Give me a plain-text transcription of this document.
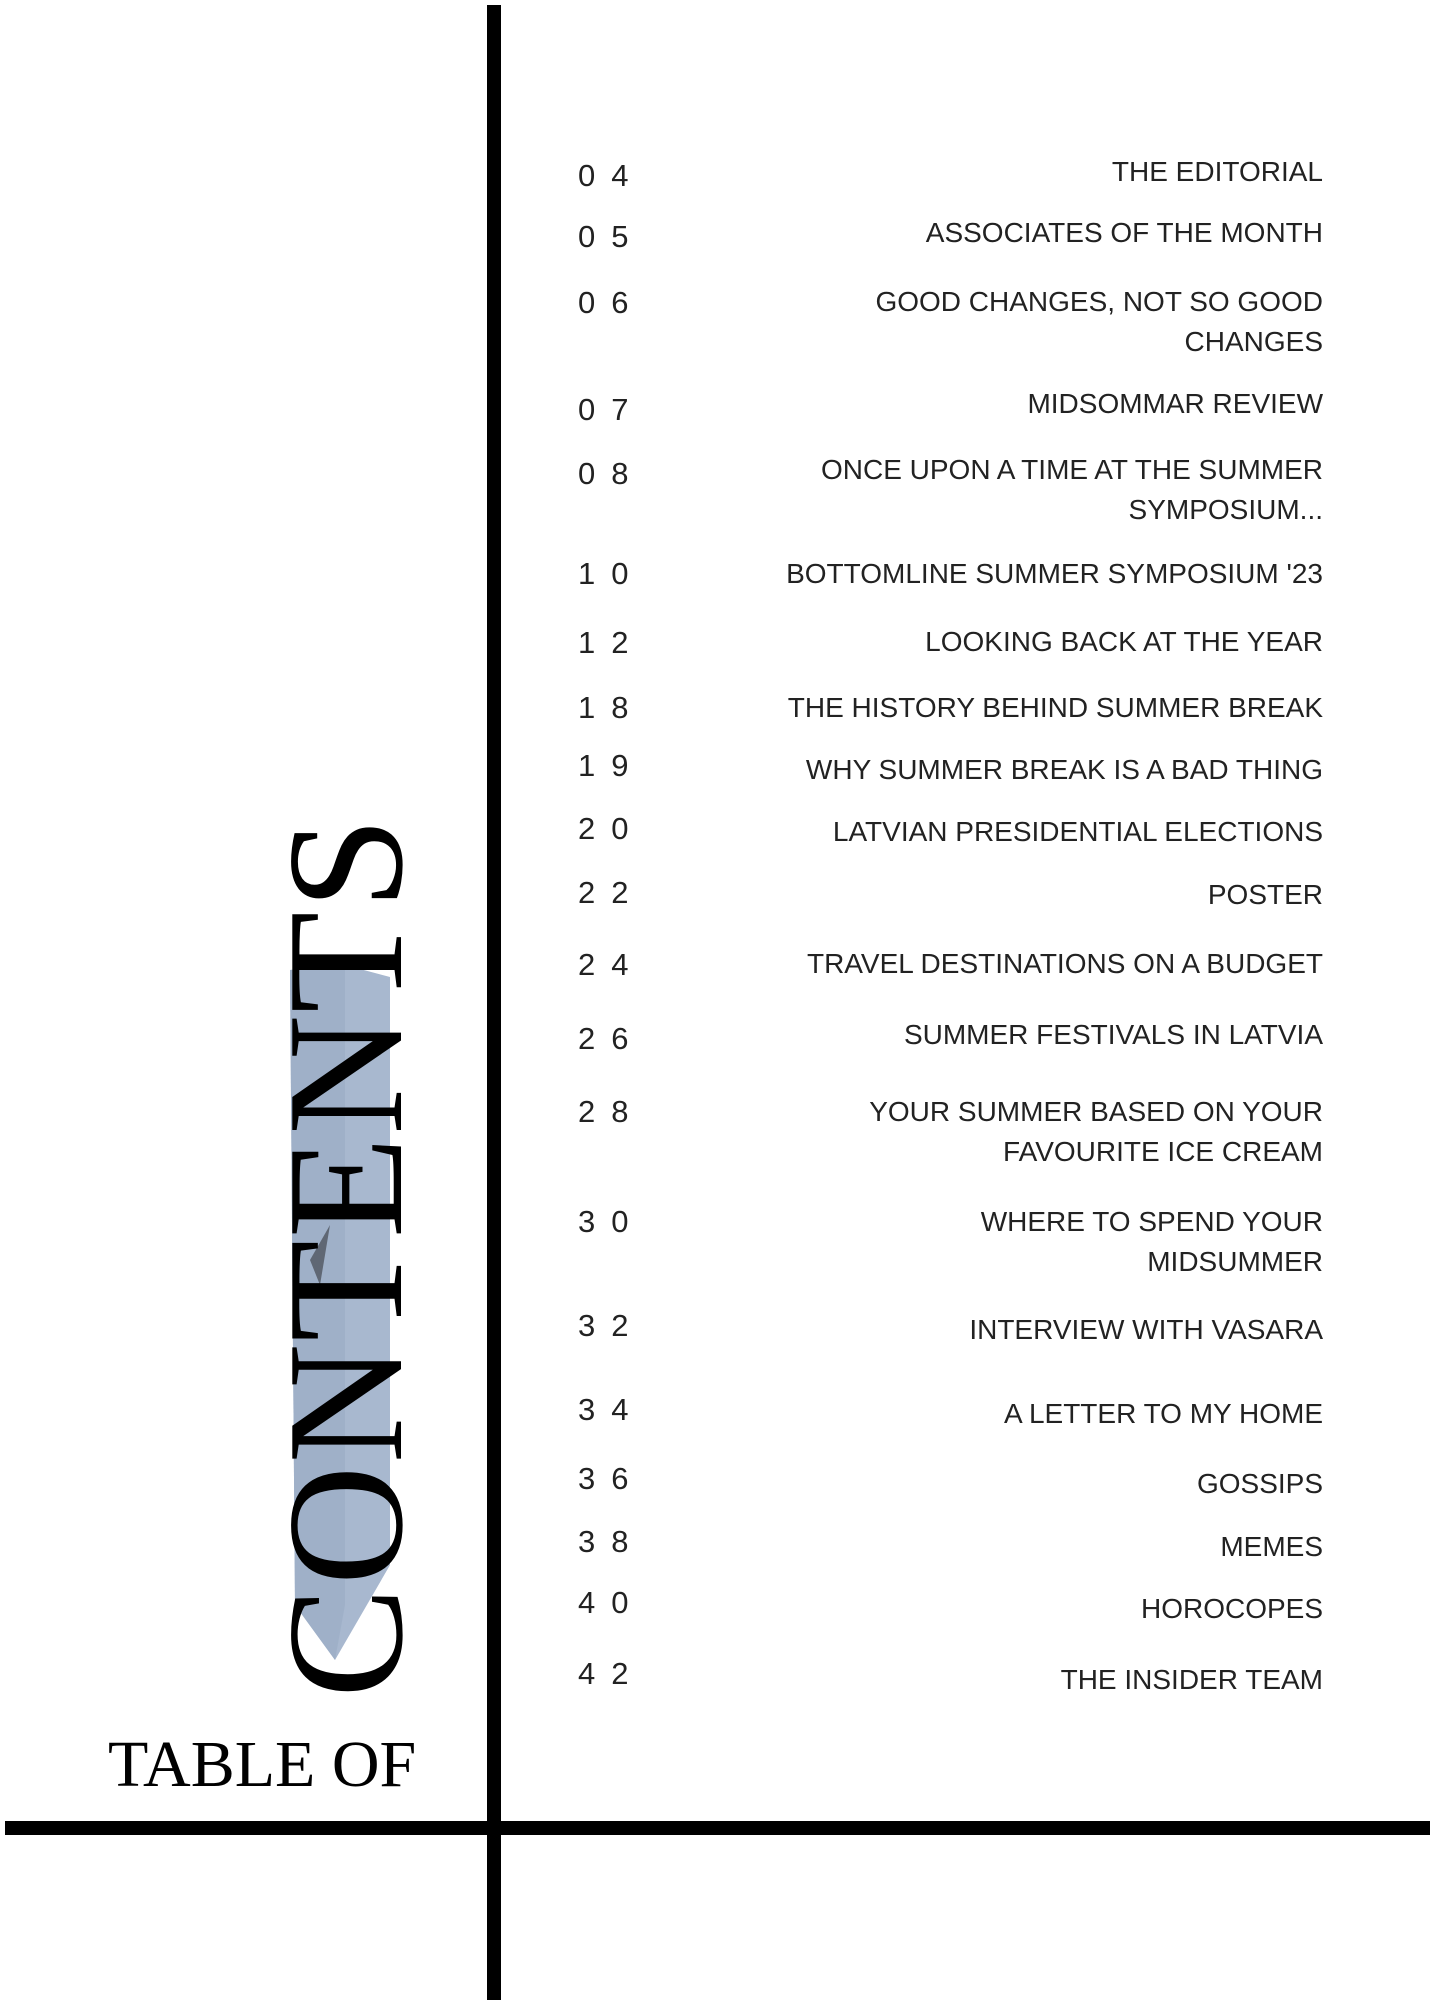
CONTENTS
TABLE OF
04	THE EDITORIAL
05	ASSOCIATES OF THE MONTH
06	GOOD CHANGES, NOT SO GOOD
CHANGES
07	MIDSOMMAR REVIEW
08	ONCE UPON A TIME AT THE SUMMER
SYMPOSIUM...
10	BOTTOMLINE SUMMER SYMPOSIUM '23
12	LOOKING BACK AT THE YEAR
18	THE HISTORY BEHIND SUMMER BREAK
19	WHY SUMMER BREAK IS A BAD THING
20	LATVIAN PRESIDENTIAL ELECTIONS
22	POSTER
24	TRAVEL DESTINATIONS ON A BUDGET
26	SUMMER FESTIVALS IN LATVIA
28	YOUR SUMMER BASED ON YOUR
FAVOURITE ICE CREAM
30	WHERE TO SPEND YOUR
MIDSUMMER
32	INTERVIEW WITH VASARA
34	A LETTER TO MY HOME
36	GOSSIPS
38	MEMES
40	HOROCOPES
42	THE INSIDER TEAM
